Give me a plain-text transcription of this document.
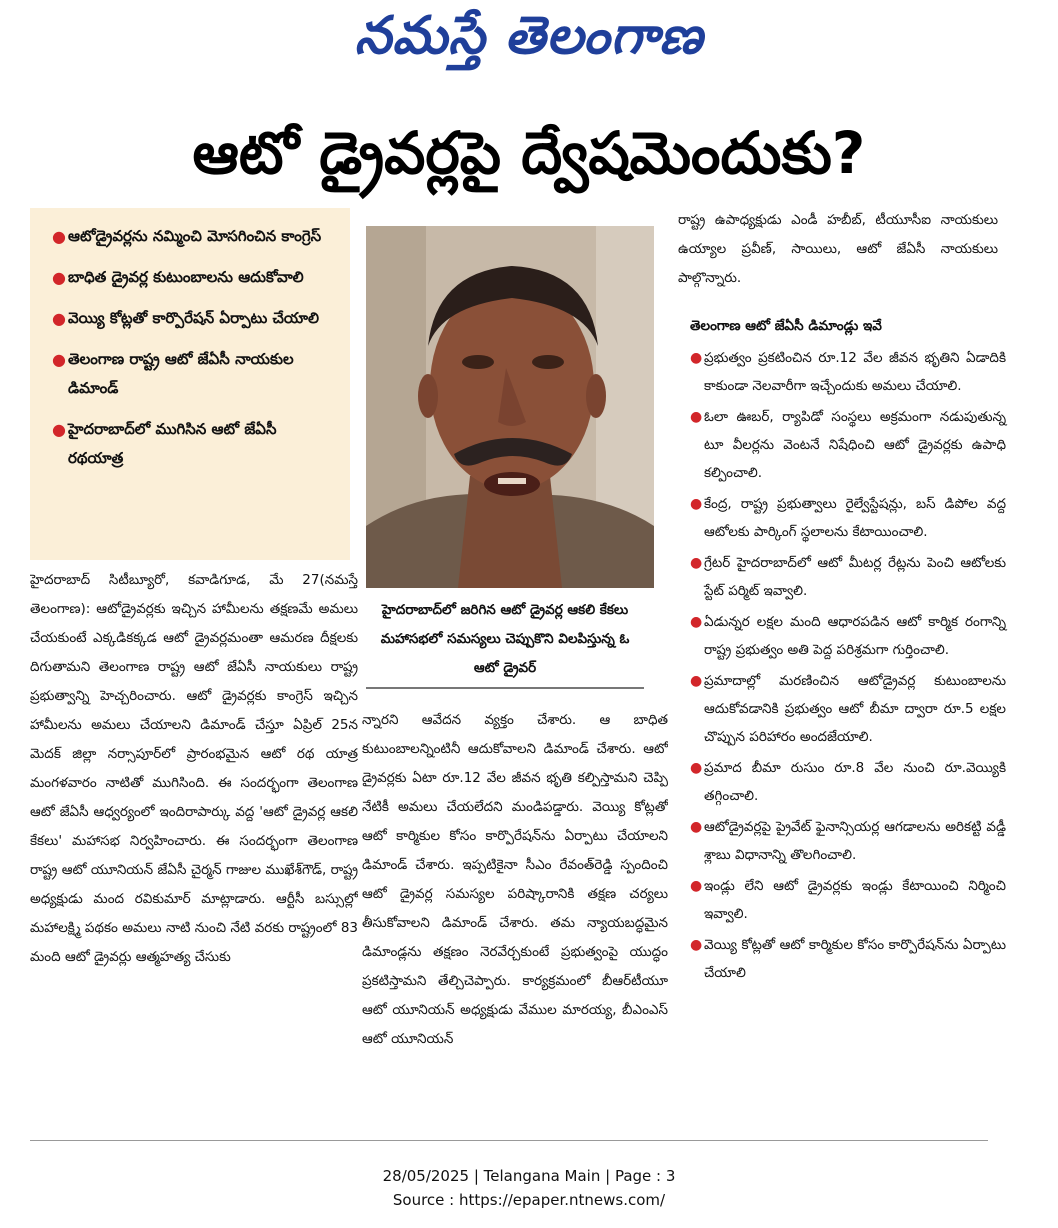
నమస్తే తెలంగాణ
ఆటో డ్రైవర్లపై ద్వేషమెందుకు?
● ఆటోడ్రైవర్లను నమ్మించి మోసగించిన కాంగ్రెస్
● బాధిత డ్రైవర్ల కుటుంబాలను ఆదుకోవాలి
● వెయ్యి కోట్లతో కార్పొరేషన్ ఏర్పాటు చేయాలి
● తెలంగాణ రాష్ట్ర ఆటో జేఏసీ నాయకుల డిమాండ్
● హైదరాబాద్‌లో ముగిసిన ఆటో జేఏసీ రథయాత్ర
హైదరాబాద్‌లో జరిగిన ఆటో డ్రైవర్ల ఆకలి కేకలు మహాసభలో సమస్యలు చెప్పుకొని విలపిస్తున్న ఓ ఆటో డ్రైవర్
హైదరాబాద్ సిటీబ్యూరో, కవాడిగూడ, మే 27(నమస్తే తెలంగాణ): ఆటోడ్రైవర్లకు ఇచ్చిన హామీలను తక్షణమే అమలు చేయకుంటే ఎక్కడికక్కడ ఆటో డ్రైవర్లమంతా ఆమరణ దీక్షలకు దిగుతామని తెలంగాణ రాష్ట్ర ఆటో జేఏసీ నాయకులు రాష్ట్ర ప్రభుత్వాన్ని హెచ్చరించారు. ఆటో డ్రైవర్లకు కాంగ్రెస్ ఇచ్చిన హామీలను అమలు చేయాలని డిమాండ్ చేస్తూ ఏప్రిల్ 25న మెదక్ జిల్లా నర్సాపూర్‌లో ప్రారంభమైన ఆటో రథ యాత్ర మంగళవారం నాటితో ముగిసింది. ఈ సందర్భంగా తెలంగాణ ఆటో జేఏసీ ఆధ్వర్యంలో ఇందిరాపార్కు వద్ద 'ఆటో డ్రైవర్ల ఆకలి కేకలు' మహాసభ నిర్వహించారు. ఈ సందర్భంగా తెలంగాణ రాష్ట్ర ఆటో యూనియన్ జేఏసీ చైర్మన్ గాజుల ముఖేశ్‌గౌడ్, రాష్ట్ర అధ్యక్షుడు మంద రవికుమార్ మాట్లాడారు. ఆర్టీసీ బస్సుల్లో మహాలక్ష్మి పథకం అమలు నాటి నుంచి నేటి వరకు రాష్ట్రంలో 83 మంది ఆటో డ్రైవర్లు ఆత్మహత్య చేసుకు
న్నారని ఆవేదన వ్యక్తం చేశారు. ఆ బాధిత కుటుంబాలన్నింటినీ ఆదుకోవాలని డిమాండ్ చేశారు. ఆటో డ్రైవర్లకు ఏటా రూ.12 వేల జీవన భృతి కల్పిస్తామని చెప్పి నేటికీ అమలు చేయలేదని మండిపడ్డారు. వెయ్యి కోట్లతో ఆటో కార్మికుల కోసం కార్పొరేషన్‌ను ఏర్పాటు చేయాలని డిమాండ్ చేశారు. ఇప్పటికైనా సీఎం రేవంత్‌రెడ్డి స్పందించి ఆటో డ్రైవర్ల సమస్యల పరిష్కారానికి తక్షణ చర్యలు తీసుకోవాలని డిమాండ్ చేశారు. తమ న్యాయబద్ధమైన డిమాండ్లను తక్షణం నెరవేర్చకుంటే ప్రభుత్వంపై యుద్ధం ప్రకటిస్తామని తేల్చిచెప్పారు. కార్యక్రమంలో బీఆర్‌టీయూ ఆటో యూనియన్ అధ్యక్షుడు వేముల మారయ్య, బీఎంఎస్ ఆటో యూనియన్
రాష్ట్ర ఉపాధ్యక్షుడు ఎండీ హబీబ్, టీయూసీఐ నాయకులు ఉయ్యాల ప్రవీణ్, సాయిలు, ఆటో జేఏసీ నాయకులు పాల్గొన్నారు.
తెలంగాణ ఆటో జేఏసీ డిమాండ్లు ఇవే
● ప్రభుత్వం ప్రకటించిన రూ.12 వేల జీవన భృతిని ఏడాదికి కాకుండా నెలవారీగా ఇచ్చేందుకు అమలు చేయాలి.
● ఓలా ఊబర్, ర్యాపిడో సంస్థలు అక్రమంగా నడుపుతున్న టూ వీలర్లను వెంటనే నిషేధించి ఆటో డ్రైవర్లకు ఉపాధి కల్పించాలి.
● కేంద్ర, రాష్ట్ర ప్రభుత్వాలు రైల్వేస్టేషన్లు, బస్ డిపోల వద్ద ఆటోలకు పార్కింగ్ స్థలాలను కేటాయించాలి.
● గ్రేటర్ హైదరాబాద్‌లో ఆటో మీటర్ల రేట్లను పెంచి ఆటోలకు స్టేట్ పర్మిట్ ఇవ్వాలి.
● ఏడున్నర లక్షల మంది ఆధారపడిన ఆటో కార్మిక రంగాన్ని రాష్ట్ర ప్రభుత్వం అతి పెద్ద పరిశ్రమగా గుర్తించాలి.
● ప్రమాదాల్లో మరణించిన ఆటోడ్రైవర్ల కుటుంబాలను ఆదుకోవడానికి ప్రభుత్వం ఆటో బీమా ద్వారా రూ.5 లక్షల చొప్పున పరిహారం అందజేయాలి.
● ప్రమాద బీమా రుసుం రూ.8 వేల నుంచి రూ.వెయ్యికి తగ్గించాలి.
● ఆటోడ్రైవర్లపై ప్రైవేట్ ఫైనాన్సియర్ల ఆగడాలను అరికట్టి వడ్డీ శ్లాబు విధానాన్ని తొలగించాలి.
● ఇండ్లు లేని ఆటో డ్రైవర్లకు ఇండ్లు కేటాయించి నిర్మించి ఇవ్వాలి.
● వెయ్యి కోట్లతో ఆటో కార్మికుల కోసం కార్పొరేషన్‌ను ఏర్పాటు చేయాలి
28/05/2025 | Telangana Main | Page : 3
Source : https://epaper.ntnews.com/
